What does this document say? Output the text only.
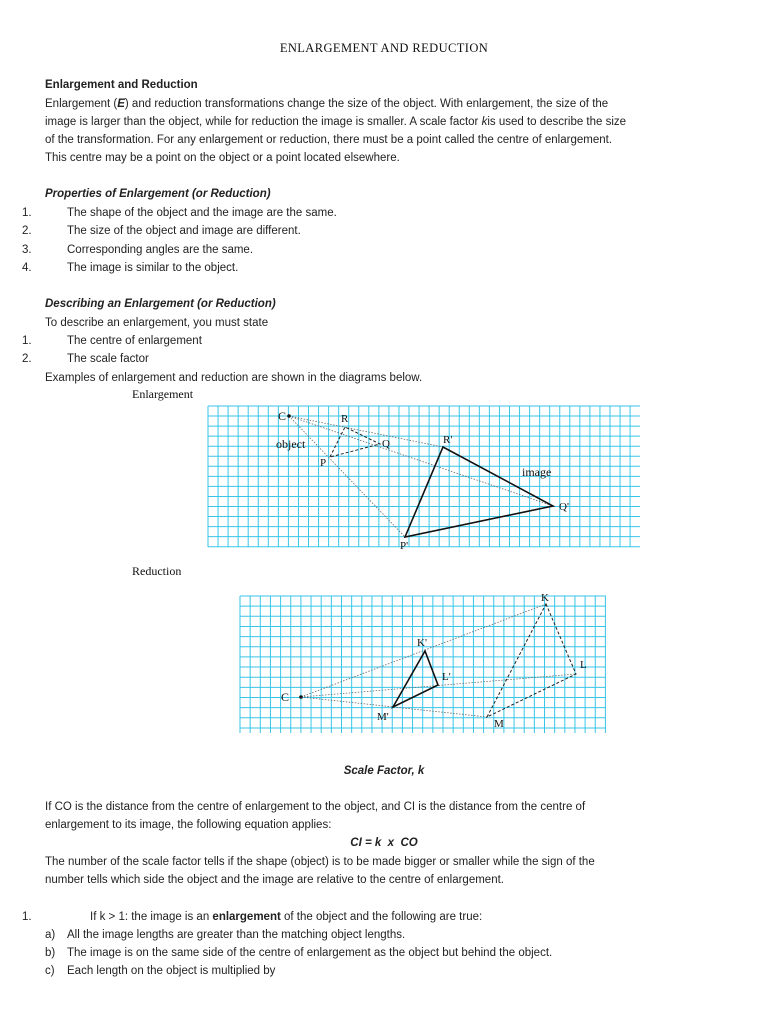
ENLARGEMENT AND REDUCTION
Enlargement and Reduction
Enlargement (E) and reduction transformations change the size of the object. With enlargement, the size of the
image is larger than the object, while for reduction the image is smaller. A scale factor kis used to describe the size
of the transformation. For any enlargement or reduction, there must be a point called the centre of enlargement.
This centre may be a point on the object or a point located elsewhere.
Properties of Enlargement (or Reduction)
1.	The shape of the object and the image are the same.
2.	The size of the object and image are different.
3.	Corresponding angles are the same.
4.	The image is similar to the object.
Describing an Enlargement (or Reduction)
To describe an enlargement, you must state
1.	The centre of enlargement
2.	The scale factor
Examples of enlargement and reduction are shown in the diagrams below.
Enlargement
C	R
Q
P
object	R'
Q'
P'
image
Reduction
C
K
L
M
K'
L'
M'
Scale Factor, k
If CO is the distance from the centre of enlargement to the object, and CI is the distance from the centre of
enlargement to its image, the following equation applies:
CI = k  x  CO
The number of the scale factor tells if the shape (object) is to be made bigger or smaller while the sign of the
number tells which side the object and the image are relative to the centre of enlargement.
1.	If k > 1: the image is an enlargement of the object and the following are true:
a) All the image lengths are greater than the matching object lengths.
b) The image is on the same side of the centre of enlargement as the object but behind the object.
c) Each length on the object is multiplied by
